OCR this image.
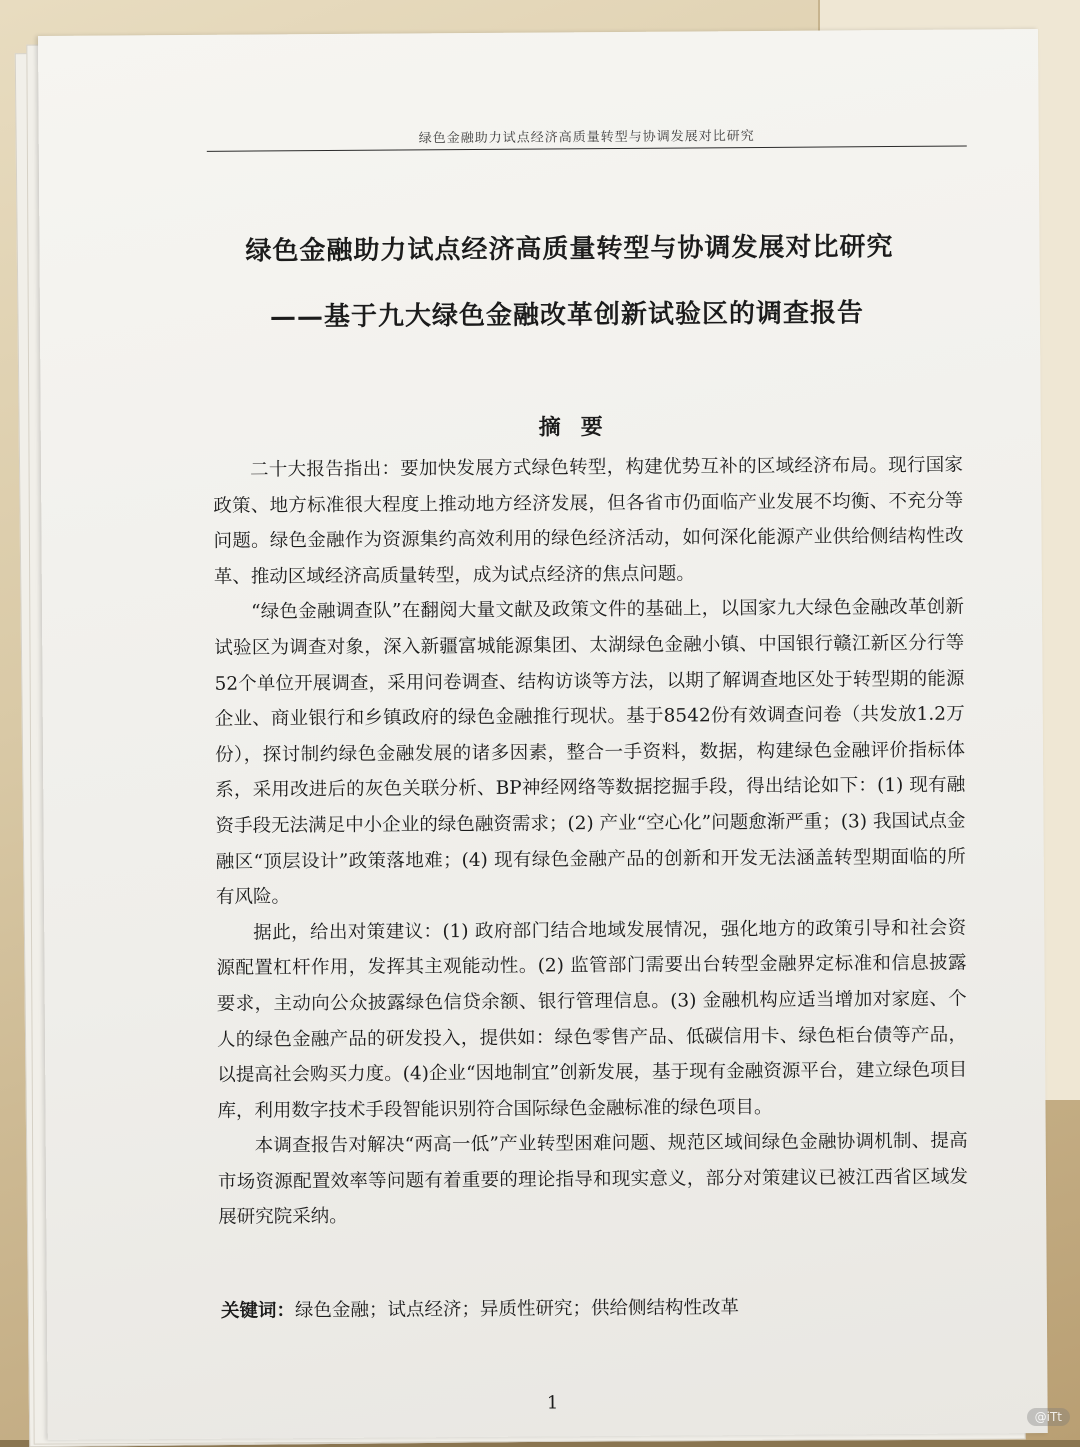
绿色金融助力试点经济高质量转型与协调发展对比研究
绿色金融助力试点经济高质量转型与协调发展对比研究
——基于九大绿色金融改革创新试验区的调查报告
摘要

二十大报告指出：要加快发展方式绿色转型，构建优势互补的区域经济布局。现行国家政策、地方标准很大程度上推动地方经济发展，但各省市仍面临产业发展不均衡、不充分等问题。绿色金融作为资源集约高效利用的绿色经济活动，如何深化能源产业供给侧结构性改革、推动区域经济高质量转型，成为试点经济的焦点问题。

“绿色金融调查队”在翻阅大量文献及政策文件的基础上，以国家九大绿色金融改革创新试验区为调查对象，深入新疆富城能源集团、太湖绿色金融小镇、中国银行赣江新区分行等52个单位开展调查，采用问卷调查、结构访谈等方法，以期了解调查地区处于转型期的能源企业、商业银行和乡镇政府的绿色金融推行现状。基于8542份有效调查问卷（共发放1.2万份），探讨制约绿色金融发展的诸多因素，整合一手资料，数据，构建绿色金融评价指标体系，采用改进后的灰色关联分析、BP神经网络等数据挖掘手段，得出结论如下：(1) 现有融资手段无法满足中小企业的绿色融资需求；(2) 产业“空心化”问题愈渐严重；(3) 我国试点金融区“顶层设计”政策落地难；(4) 现有绿色金融产品的创新和开发无法涵盖转型期面临的所有风险。

据此，给出对策建议：(1) 政府部门结合地域发展情况，强化地方的政策引导和社会资源配置杠杆作用，发挥其主观能动性。(2) 监管部门需要出台转型金融界定标准和信息披露要求，主动向公众披露绿色信贷余额、银行管理信息。(3) 金融机构应适当增加对家庭、个人的绿色金融产品的研发投入，提供如：绿色零售产品、低碳信用卡、绿色柜台债等产品，以提高社会购买力度。(4)企业“因地制宜”创新发展，基于现有金融资源平台，建立绿色项目库，利用数字技术手段智能识别符合国际绿色金融标准的绿色项目。

本调查报告对解决“两高一低”产业转型困难问题、规范区域间绿色金融协调机制、提高市场资源配置效率等问题有着重要的理论指导和现实意义，部分对策建议已被江西省区域发展研究院采纳。

关键词：绿色金融；试点经济；异质性研究；供给侧结构性改革
1
@iTt
